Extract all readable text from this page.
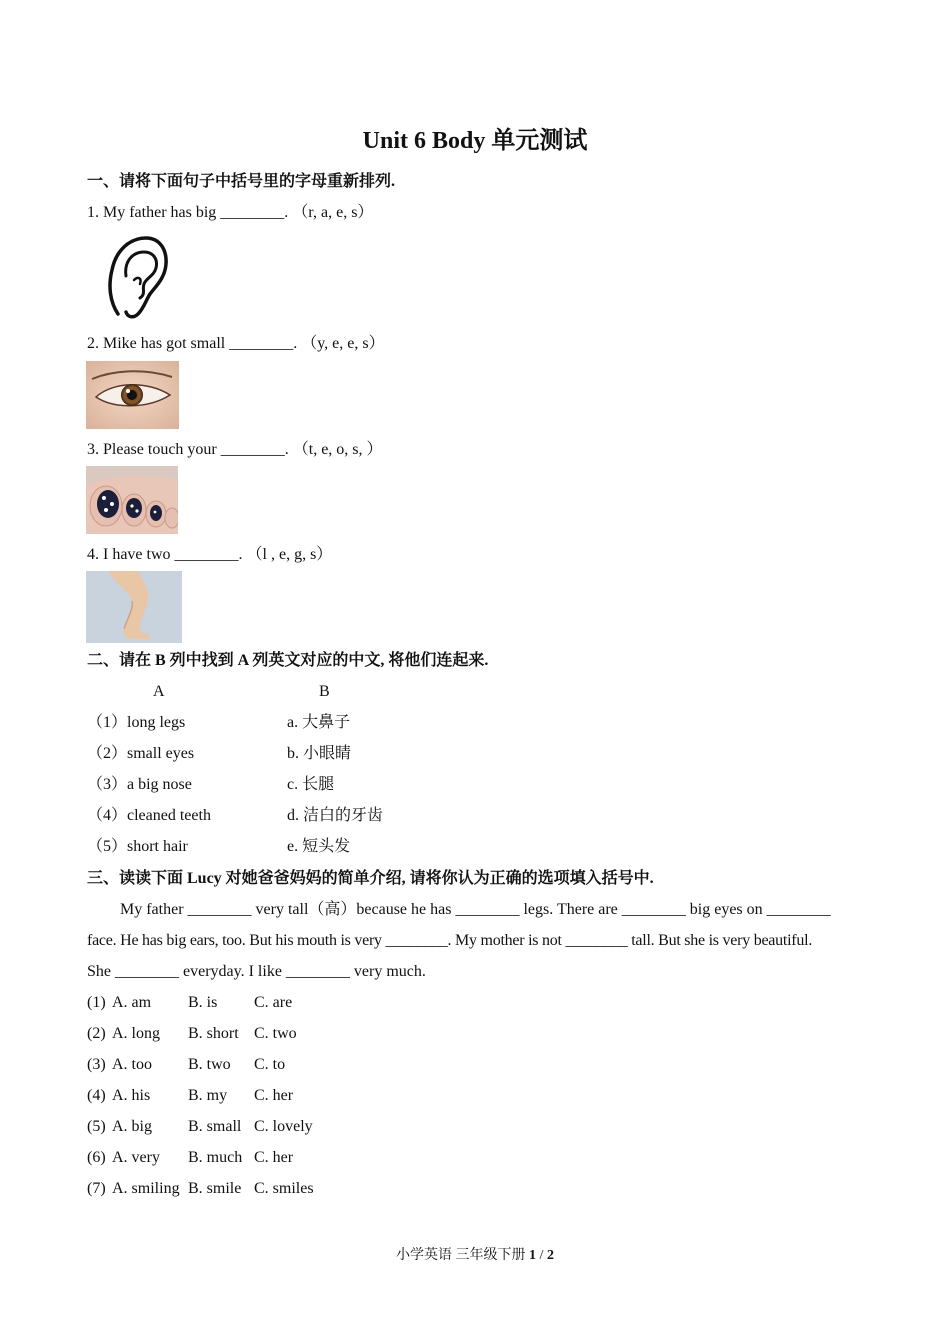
Unit 6 Body 单元测试
一、请将下面句子中括号里的字母重新排列.
1. My father has big ________. （r, a, e, s）
2. Mike has got small ________. （y, e, e, s）
3. Please touch your ________. （t, e, o, s, ）
4. I have two ________. （l , e, g, s）
二、请在 B 列中找到 A 列英文对应的中文, 将他们连起来.
A	B
（1）long legs	a. 大鼻子
（2）small eyes	b. 小眼睛
（3）a big nose	c. 长腿
（4）cleaned teeth	d. 洁白的牙齿
（5）short hair	e. 短头发
三、读读下面 Lucy 对她爸爸妈妈的简单介绍, 请将你认为正确的选项填入括号中.
My father ________ very tall（高）because he has ________ legs. There are ________ big eyes on ________
face. He has big ears, too. But his mouth is very ________. My mother is not ________ tall. But she is very beautiful.
She ________ everyday. I like ________ very much.
(1) A. am B. is C. are
(2) A. long B. short C. two
(3) A. too B. two C. to
(4) A. his B. my C. her
(5) A. big B. small C. lovely
(6) A. very B. much C. her
(7) A. smiling B. smile C. smiles
小学英语 三年级下册 1 / 2
